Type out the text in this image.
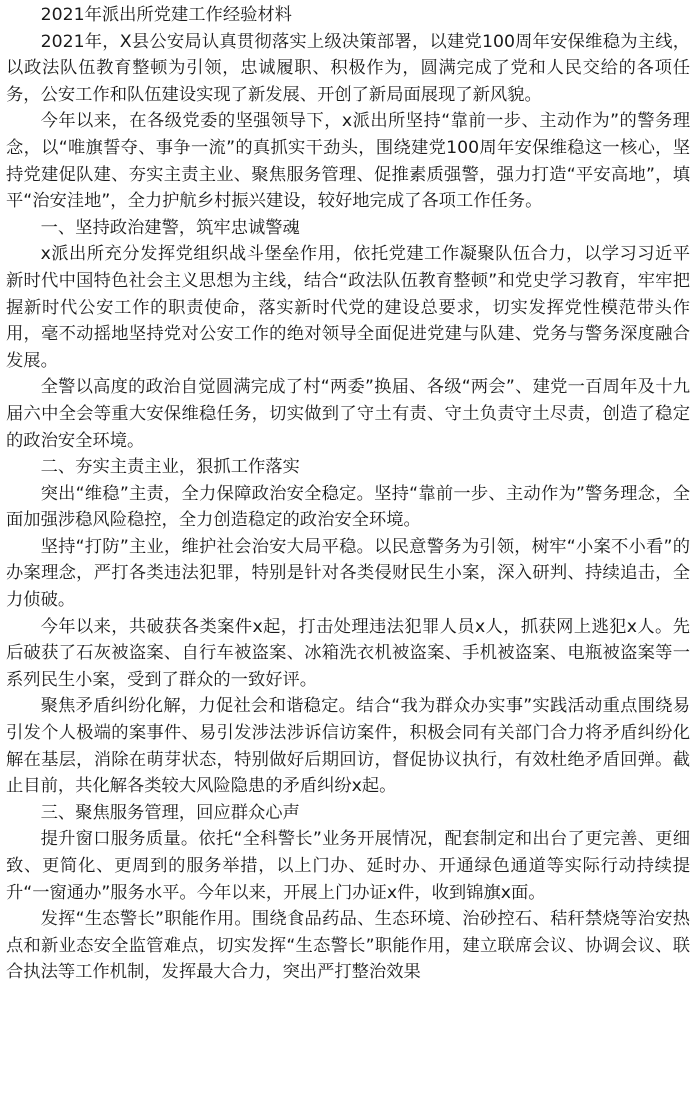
2021年派出所党建工作经验材料

2021年，X县公安局认真贯彻落实上级决策部署，以建党100周年安保维稳为主线，以政法队伍教育整顿为引领，忠诚履职、积极作为，圆满完成了党和人民交给的各项任务，公安工作和队伍建设实现了新发展、开创了新局面展现了新风貌。

今年以来，在各级党委的坚强领导下，x派出所坚持“靠前一步、主动作为”的警务理念，以“唯旗誓夺、事争一流”的真抓实干劲头，围绕建党100周年安保维稳这一核心，坚持党建促队建、夯实主责主业、聚焦服务管理、促推素质强警，强力打造“平安高地”，填平“治安洼地”，全力护航乡村振兴建设，较好地完成了各项工作任务。

一、坚持政治建警，筑牢忠诚警魂

x派出所充分发挥党组织战斗堡垒作用，依托党建工作凝聚队伍合力，以学习习近平新时代中国特色社会主义思想为主线，结合“政法队伍教育整顿”和党史学习教育，牢牢把握新时代公安工作的职责使命，落实新时代党的建设总要求，切实发挥党性模范带头作用，毫不动摇地坚持党对公安工作的绝对领导全面促进党建与队建、党务与警务深度融合发展。

全警以高度的政治自觉圆满完成了村“两委”换届、各级“两会”、建党一百周年及十九届六中全会等重大安保维稳任务，切实做到了守土有责、守土负责守土尽责，创造了稳定的政治安全环境。

二、夯实主责主业，狠抓工作落实

突出“维稳”主责，全力保障政治安全稳定。坚持“靠前一步、主动作为”警务理念，全面加强涉稳风险稳控，全力创造稳定的政治安全环境。

坚持“打防”主业，维护社会治安大局平稳。以民意警务为引领，树牢“小案不小看”的办案理念，严打各类违法犯罪，特别是针对各类侵财民生小案，深入研判、持续追击，全力侦破。

今年以来，共破获各类案件x起，打击处理违法犯罪人员x人，抓获网上逃犯x人。先后破获了石灰被盗案、自行车被盗案、冰箱洗衣机被盗案、手机被盗案、电瓶被盗案等一系列民生小案，受到了群众的一致好评。

聚焦矛盾纠纷化解，力促社会和谐稳定。结合“我为群众办实事”实践活动重点围绕易引发个人极端的案事件、易引发涉法涉诉信访案件，积极会同有关部门合力将矛盾纠纷化解在基层，消除在萌芽状态，特别做好后期回访，督促协议执行，有效杜绝矛盾回弹。截止目前，共化解各类较大风险隐患的矛盾纠纷x起。

三、聚焦服务管理，回应群众心声

提升窗口服务质量。依托“全科警长”业务开展情况，配套制定和出台了更完善、更细致、更简化、更周到的服务举措，以上门办、延时办、开通绿色通道等实际行动持续提升“一窗通办”服务水平。今年以来，开展上门办证x件，收到锦旗x面。

发挥“生态警长”职能作用。围绕食品药品、生态环境、治砂控石、秸秆禁烧等治安热点和新业态安全监管难点，切实发挥“生态警长”职能作用，建立联席会议、协调会议、联合执法等工作机制，发挥最大合力，突出严打整治效果
